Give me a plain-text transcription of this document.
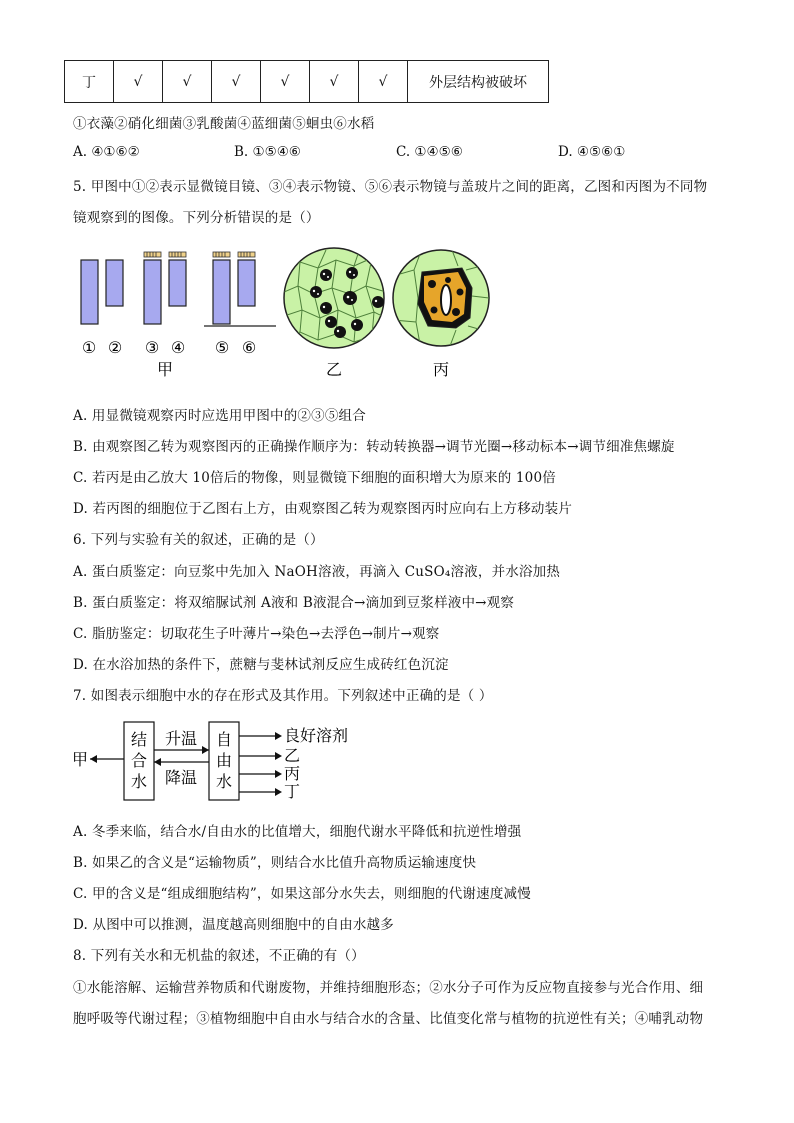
丁	√	√	√	√	√	√	外层结构被破坏
①衣藻②硝化细菌③乳酸菌④蓝细菌⑤蛔虫⑥水稻
A. ④①⑥②	B. ①⑤④⑥	C. ①④⑤⑥	D. ④⑤⑥①
5. 甲图中①②表示显微镜目镜、③④表示物镜、⑤⑥表示物镜与盖玻片之间的距离，乙图和丙图为不同物
镜观察到的图像。下列分析错误的是（）
① ② ③ ④ ⑤ ⑥
甲	乙	丙
A. 用显微镜观察丙时应选用甲图中的②③⑤组合
B. 由观察图乙转为观察图丙的正确操作顺序为：转动转换器→调节光圈→移动标本→调节细准焦螺旋
C. 若丙是由乙放大 10倍后的物像，则显微镜下细胞的面积增大为原来的 100倍
D. 若丙图的细胞位于乙图右上方，由观察图乙转为观察图丙时应向右上方移动装片
6. 下列与实验有关的叙述，正确的是（）
A. 蛋白质鉴定：向豆浆中先加入 NaOH溶液，再滴入 CuSO₄溶液，并水浴加热
B. 蛋白质鉴定：将双缩脲试剂 A液和 B液混合→滴加到豆浆样液中→观察
C. 脂肪鉴定：切取花生子叶薄片→染色→去浮色→制片→观察
D. 在水浴加热的条件下，蔗糖与斐林试剂反应生成砖红色沉淀
7. 如图表示细胞中水的存在形式及其作用。下列叙述中正确的是（ ）
甲
结
合
水
升温
降温
自
由
水
良好溶剂
乙
丙
丁
A. 冬季来临，结合水/自由水的比值增大，细胞代谢水平降低和抗逆性增强
B. 如果乙的含义是“运输物质”，则结合水比值升高物质运输速度快
C. 甲的含义是“组成细胞结构”，如果这部分水失去，则细胞的代谢速度减慢
D. 从图中可以推测，温度越高则细胞中的自由水越多
8. 下列有关水和无机盐的叙述，不正确的有（）
①水能溶解、运输营养物质和代谢废物，并维持细胞形态；②水分子可作为反应物直接参与光合作用、细
胞呼吸等代谢过程；③植物细胞中自由水与结合水的含量、比值变化常与植物的抗逆性有关；④哺乳动物
